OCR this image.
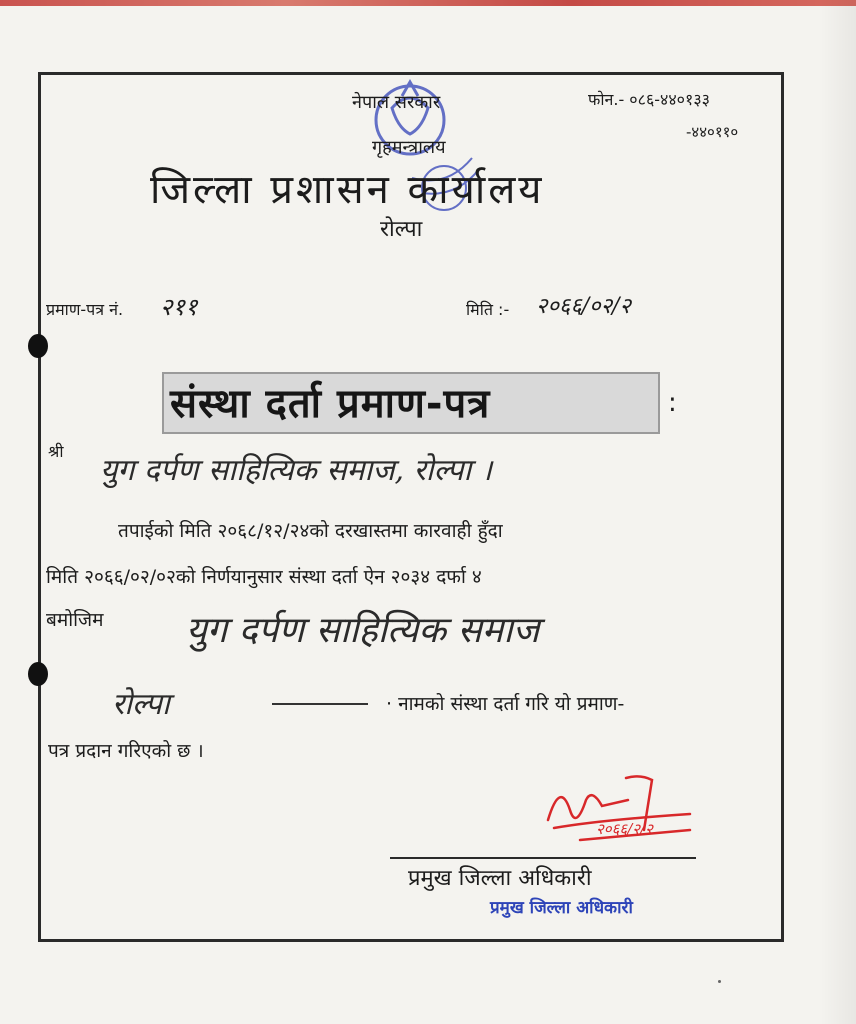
नेपाल सरकार
गृहमन्त्रालय
जिल्ला प्रशासन कार्यालय
रोल्पा
फोन.- ०८६-४४०१३३
-४४०११०
प्रमाण-पत्र नं. २११	मिति :- २०६६/०२/२
संस्था दर्ता प्रमाण-पत्र	:
श्री
युग दर्पण साहित्यिक समाज, रोल्पा ।
तपाईको मिति २०६८/१२/२४को दरखास्तमा कारवाही हुँदा
मिति २०६६/०२/०२को निर्णयानुसार संस्था दर्ता ऐन २०३४ दर्फा ४
बमोजिम युग दर्पण साहित्यिक समाज
रोल्पा	· नामको संस्था दर्ता गरि यो प्रमाण-
पत्र प्रदान गरिएको छ ।
२०६६/२/२
प्रमुख जिल्ला अधिकारी
प्रमुख जिल्ला अधिकारी
